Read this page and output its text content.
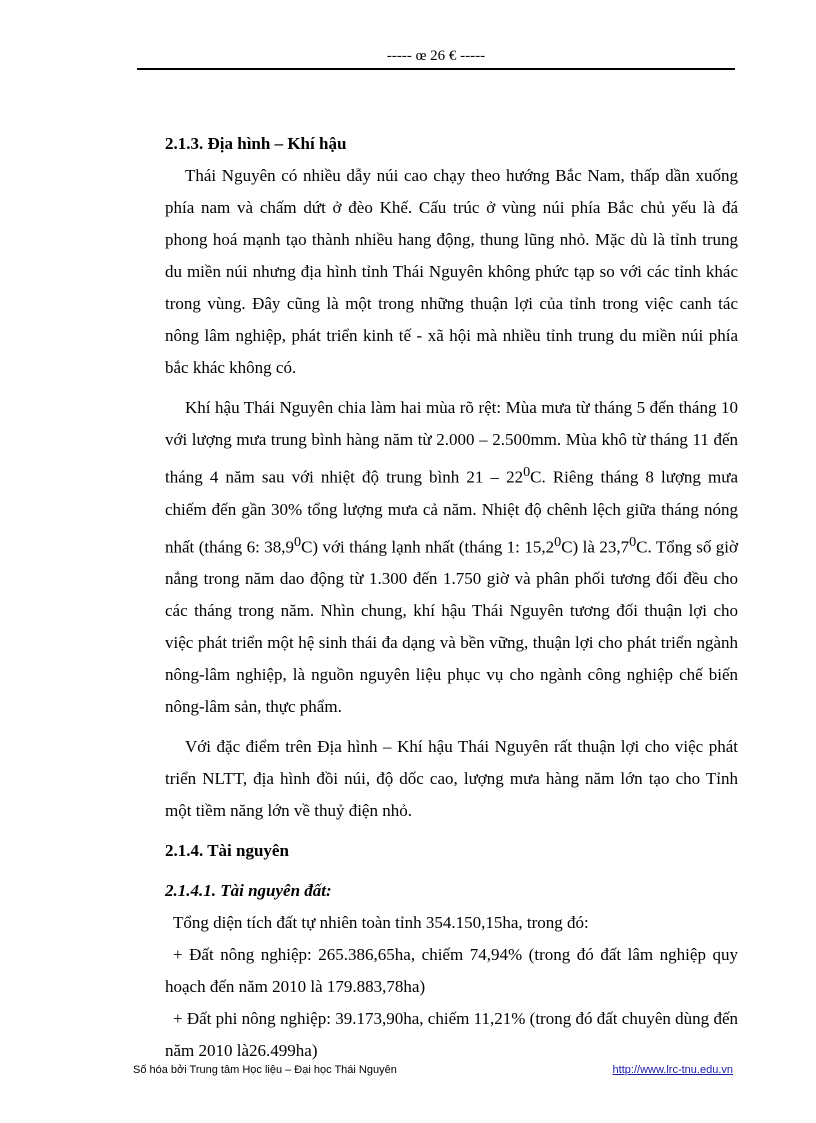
----- œ 26 € -----

2.1.3. Địa hình – Khí hậu

Thái Nguyên có nhiều dẫy núi cao chạy theo hướng Bắc Nam, thấp dần xuống phía nam và chấm dứt ở đèo Khế. Cấu trúc ở vùng núi phía Bắc chủ yếu là đá phong hoá mạnh tạo thành nhiều hang động, thung lũng nhỏ. Mặc dù là tỉnh trung du miền núi nhưng địa hình tỉnh Thái Nguyên không phức tạp so với các tỉnh khác trong vùng. Đây cũng là một trong những thuận lợi của tỉnh trong việc canh tác nông lâm nghiệp, phát triển kinh tế - xã hội mà nhiều tỉnh trung du miền núi phía bắc khác không có.

Khí hậu Thái Nguyên chia làm hai mùa rõ rệt: Mùa mưa từ tháng 5 đến tháng 10 với lượng mưa trung bình hàng năm từ 2.000 – 2.500mm. Mùa khô từ tháng 11 đến tháng 4 năm sau với nhiệt độ trung bình $21 - 22^0C$. Riêng tháng 8 lượng mưa chiếm đến gần 30% tổng lượng mưa cả năm. Nhiệt độ chênh lệch giữa tháng nóng nhất (tháng 6: 38,9$^0$C) với tháng lạnh nhất (tháng 1: 15,2$^0$C) là 23,7$^0$C. Tổng số giờ nắng trong năm dao động từ 1.300 đến 1.750 giờ và phân phối tương đối đều cho các tháng trong năm. Nhìn chung, khí hậu Thái Nguyên tương đối thuận lợi cho việc phát triển một hệ sinh thái đa dạng và bền vững, thuận lợi cho phát triển ngành nông-lâm nghiệp, là nguồn nguyên liệu phục vụ cho ngành công nghiệp chế biến nông-lâm sản, thực phẩm.

Với đặc điểm trên Địa hình – Khí hậu Thái Nguyên rất thuận lợi cho việc phát triển NLTT, địa hình đồi núi, độ dốc cao, lượng mưa hàng năm lớn tạo cho Tỉnh một tiềm năng lớn về thuỷ điện nhỏ.

2.1.4. Tài nguyên

2.1.4.1. Tài nguyên đất:

Tổng diện tích đất tự nhiên toàn tỉnh 354.150,15ha, trong đó:

+ Đất nông nghiệp: 265.386,65ha, chiếm 74,94% (trong đó đất lâm nghiệp quy hoạch đến năm 2010 là 179.883,78ha)

+ Đất phi nông nghiệp: 39.173,90ha, chiếm 11,21% (trong đó đất chuyên dùng đến năm 2010 là26.499ha)

Số hóa bởi Trung tâm Học liệu – Đại học Thái Nguyên	http://www.lrc-tnu.edu.vn
